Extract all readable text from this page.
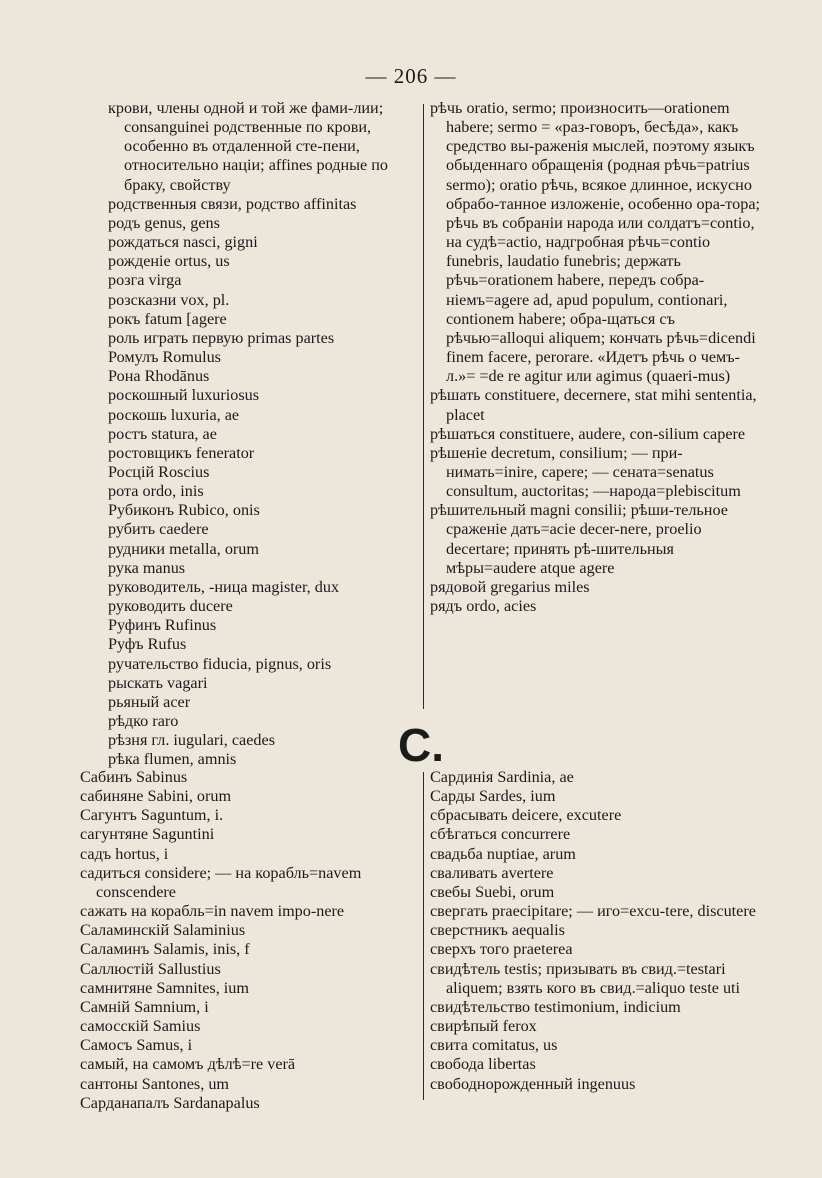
— 206 —
крови, члены одной и той же фами-лии; consanguinei родственные по крови, особенно въ отдаленной сте-пени, относительно нацiи; affines родные по браку, свойству
родственныя связи, родство affinitas
родъ genus, gens
рождаться nasci, gigni
рожденiе ortus, us
розга virga
розсказни vox, pl.
рокъ fatum [agere
роль играть первую primas partes
Ромулъ Romulus
Рона Rhodānus
роскошный luxuriosus
роскошь luxuria, ae
ростъ statura, ae
ростовщикъ fenerator
Росцiй Roscius
рота ordo, inis
Рубиконъ Rubico, onis
рубить caedere
рудники metalla, orum
рука manus
руководитель, -ница magister, dux
руководить ducere
Руфинъ Rufinus
Руфъ Rufus
ручательство fiducia, pignus, oris
рыскать vagari
рьяный acer
рѣдко raro
рѣзня гл. iugulari, caedes
рѣка flumen, amnis
рѣчь oratio, sermo; произносить—orationem habere; sermo = «раз-говоръ, бесѣда», какъ средство вы-раженiя мыслей, поэтому языкъ обыденнаго обращенiя (родная рѣчь=patrius sermo); oratio рѣчь, всякое длинное, искусно обрабо-танное изложенiе, особенно ора-тора; рѣчь въ собранiи народа или солдатъ=contio, на судѣ=actio, надгробная рѣчь=contio funebris, laudatio funebris; держать рѣчь=orationem habere, передъ собра-нiемъ=agere ad, apud populum, contionari, contionem habere; обра-щаться съ рѣчью=alloqui aliquem; кончать рѣчь=dicendi finem facere, perorare. «Идетъ рѣчь о чемъ-л.»= =de re agitur или agimus (quaeri-mus)
рѣшать constituere, decernere, stat mihi sententia, placet
рѣшаться constituere, audere, con-silium capere
рѣшенiе decretum, consilium; — при-нимать=inire, capere; — сената=senatus consultum, auctoritas; —народа=plebiscitum
рѣшительный magni consilii; рѣши-тельное сраженiе дать=acie decer-nere, proelio decertare; принять рѣ-шительныя мѣры=audere atque agere
рядовой gregarius miles
рядъ ordo, acies
С.
Сабинъ Sabinus
сабиняне Sabini, orum
Сагунтъ Saguntum, i.
сагунтяне Saguntini
садъ hortus, i
садиться considere; — на корабль=navem conscendere
сажать на корабль=in navem impo-nere
Саламинскiй Salaminius
Саламинъ Salamis, inis, f
Саллюстiй Sallustius
самнитяне Samnites, ium
Самнiй Samnium, i
самосскiй Samius
Самосъ Samus, i
самый, на самомъ дѣлѣ=re verā
сантоны Santones, um
Сарданапалъ Sardanapalus
Сардинiя Sardinia, ae
Сарды Sardes, ium
сбрасывать deicere, excutere
сбѣгаться concurrere
свадьба nuptiae, arum
сваливать avertere
свебы Suebi, orum
свергать praecipitare; — иго=excu-tere, discutere
сверстникъ aequalis
сверхъ того praeterea
свидѣтель testis; призывать въ свид.=testari aliquem; взять кого въ свид.=aliquo teste uti
свидѣтельство testimonium, indicium
свирѣпый ferox
свита comitatus, us
свобода libertas
свободнорожденный ingenuus
